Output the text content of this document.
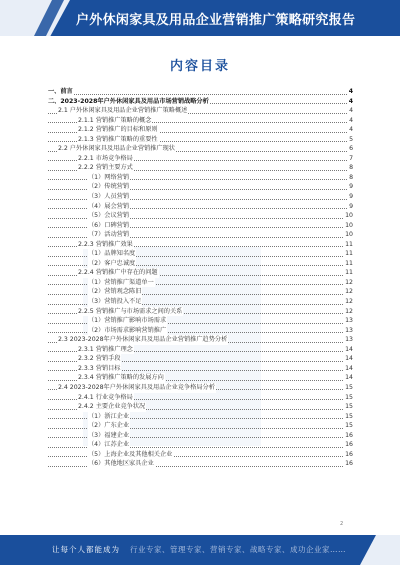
户外休闲家具及用品企业营销推广策略研究报告
内容目录
一、前言	4
二、2023-2028年户外休闲家具及用品市场营销战略分析	4
2.1 户外休闲家具及用品企业营销推广策略概述	4
2.1.1 营销推广策略的概念	4
2.1.2 营销推广的目标和原则	4
2.1.3 营销推广策略的重要性	5
2.2 户外休闲家具及用品企业营销推广现状	6
2.2.1 市场竞争格局	7
2.2.2 营销主要方式	8
（1）网络营销	8
（2）传统营销	9
（3）人员营销	9
（4）展会营销	9
（5）会议营销	10
（6）口碑营销	10
（7）活动营销	10
2.2.3 营销推广效果	11
（1）品牌知名度	11
（2）客户忠诚度	11
2.2.4 营销推广中存在的问题	11
（1）营销推广渠道单一	12
（2）营销观念陈旧	12
（3）营销投入不足	12
2.2.5 营销推广与市场需求之间的关系	12
（1）营销推广影响市场需求	13
（2）市场需求影响营销推广	13
2.3 2023-2028年户外休闲家具及用品企业营销推广趋势分析	13
2.3.1 营销推广理念	14
2.3.2 营销手段	14
2.3.3 营销目标	14
2.3.4 营销推广策略的发展方向	14
2.4 2023-2028年户外休闲家具及用品企业竞争格局分析	15
2.4.1 行业竞争格局	15
2.4.2 主要企业竞争状况	15
（1）浙江企业	15
（2）广东企业	15
（3）福建企业	16
（4）江苏企业	16
（5）上海企业及其他相关企业	16
（6）其他地区家具企业	16
2
让每个人都能成为 行业专家、管理专家、营销专家、战略专家、成功企业家……
